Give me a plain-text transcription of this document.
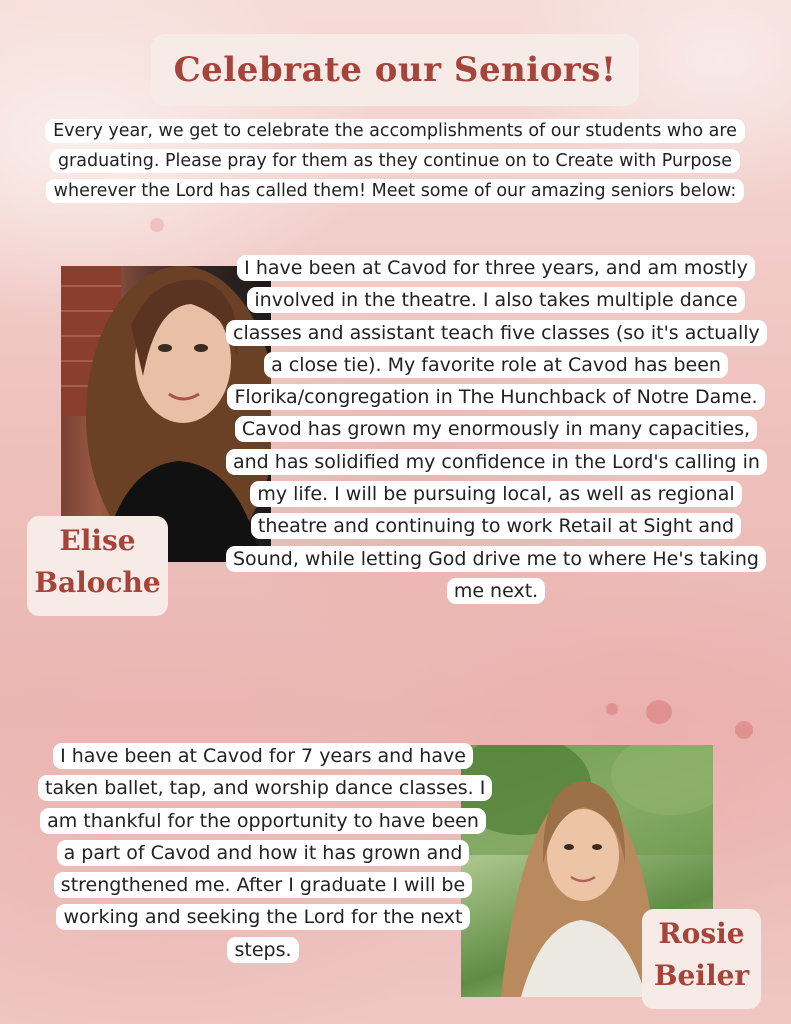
Celebrate our Seniors!
Every year, we get to celebrate the accomplishments of our students who are graduating. Please pray for them as they continue on to Create with Purpose wherever the Lord has called them! Meet some of our amazing seniors below:
Elise
Baloche
I have been at Cavod for three years, and am mostly involved in the theatre. I also takes multiple dance classes and assistant teach five classes (so it's actually a close tie). My favorite role at Cavod has been Florika/congregation in The Hunchback of Notre Dame. Cavod has grown my enormously in many capacities, and has solidified my confidence in the Lord's calling in my life. I will be pursuing local, as well as regional theatre and continuing to work Retail at Sight and Sound, while letting God drive me to where He's taking me next.
Rosie
Beiler
I have been at Cavod for 7 years and have taken ballet, tap, and worship dance classes. I am thankful for the opportunity to have been a part of Cavod and how it has grown and strengthened me. After I graduate I will be working and seeking the Lord for the next steps.
